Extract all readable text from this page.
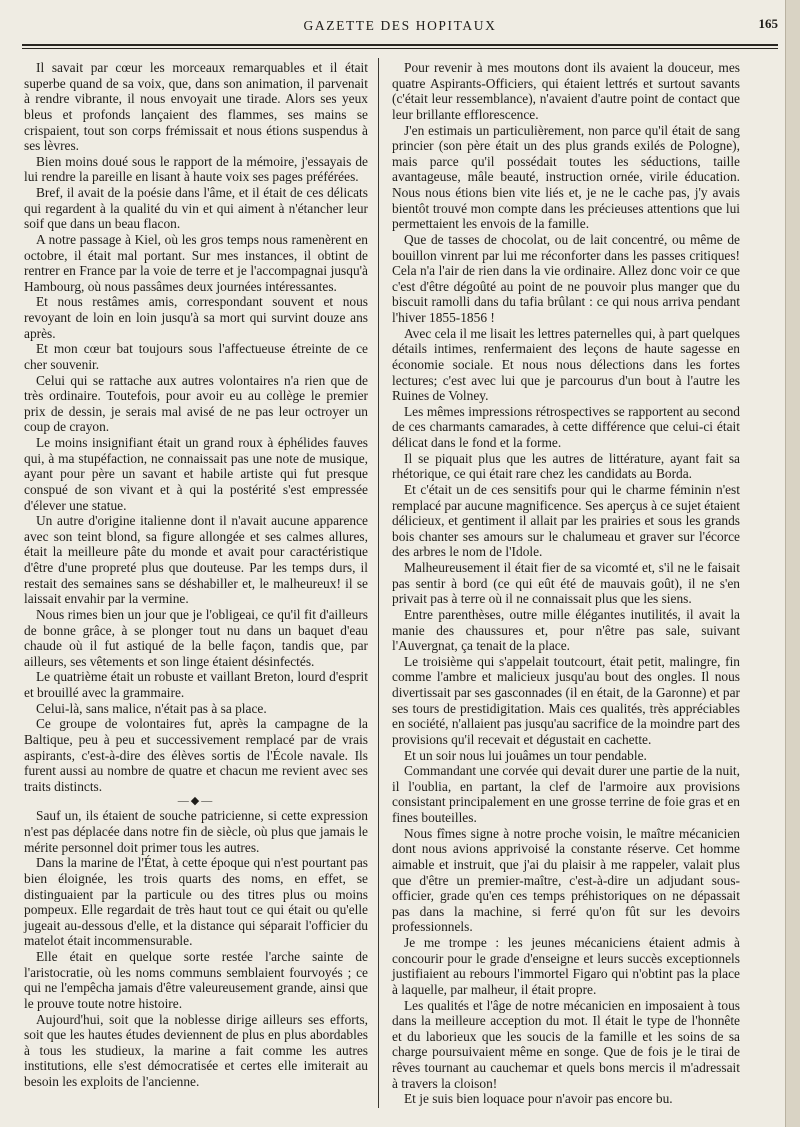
GAZETTE DES HOPITAUX	165

Il savait par cœur les morceaux remarquables et il était superbe quand de sa voix, que, dans son animation, il parvenait à rendre vibrante, il nous envoyait une tirade. Alors ses yeux bleus et profonds lançaient des flammes, ses mains se crispaient, tout son corps frémissait et nous étions suspendus à ses lèvres.

Bien moins doué sous le rapport de la mémoire, j'essayais de lui rendre la pareille en lisant à haute voix ses pages préférées.

Bref, il avait de la poésie dans l'âme, et il était de ces délicats qui regardent à la qualité du vin et qui aiment à n'étancher leur soif que dans un beau flacon.

A notre passage à Kiel, où les gros temps nous ramenèrent en octobre, il était mal portant. Sur mes instances, il obtint de rentrer en France par la voie de terre et je l'accompagnai jusqu'à Hambourg, où nous passâmes deux journées intéressantes.

Et nous restâmes amis, correspondant souvent et nous revoyant de loin en loin jusqu'à sa mort qui survint douze ans après.

Et mon cœur bat toujours sous l'affectueuse étreinte de ce cher souvenir.

Celui qui se rattache aux autres volontaires n'a rien que de très ordinaire. Toutefois, pour avoir eu au collège le premier prix de dessin, je serais mal avisé de ne pas leur octroyer un coup de crayon.

Le moins insignifiant était un grand roux à éphélides fauves qui, à ma stupéfaction, ne connaissait pas une note de musique, ayant pour père un savant et habile artiste qui fut presque conspué de son vivant et à qui la postérité s'est empressée d'élever une statue.

Un autre d'origine italienne dont il n'avait aucune apparence avec son teint blond, sa figure allongée et ses calmes allures, était la meilleure pâte du monde et avait pour caractéristique d'être d'une propreté plus que douteuse. Par les temps durs, il restait des semaines sans se déshabiller et, le malheureux! il se laissait envahir par la vermine.

Nous rimes bien un jour que je l'obligeai, ce qu'il fit d'ailleurs de bonne grâce, à se plonger tout nu dans un baquet d'eau chaude où il fut astiqué de la belle façon, tandis que, par ailleurs, ses vêtements et son linge étaient désinfectés.

Le quatrième était un robuste et vaillant Breton, lourd d'esprit et brouillé avec la grammaire.

Celui-là, sans malice, n'était pas à sa place.

Ce groupe de volontaires fut, après la campagne de la Baltique, peu à peu et successivement remplacé par de vrais aspirants, c'est-à-dire des élèves sortis de l'École navale. Ils furent aussi au nombre de quatre et chacun me revient avec ses traits distincts.

—◆—

Sauf un, ils étaient de souche patricienne, si cette expression n'est pas déplacée dans notre fin de siècle, où plus que jamais le mérite personnel doit primer tous les autres.

Dans la marine de l'État, à cette époque qui n'est pourtant pas bien éloignée, les trois quarts des noms, en effet, se distinguaient par la particule ou des titres plus ou moins pompeux. Elle regardait de très haut tout ce qui était ou qu'elle jugeait au-dessous d'elle, et la distance qui séparait l'officier du matelot était incommensurable.

Elle était en quelque sorte restée l'arche sainte de l'aristocratie, où les noms communs semblaient fourvoyés ; ce qui ne l'empêcha jamais d'être valeureusement grande, ainsi que le prouve toute notre histoire.

Aujourd'hui, soit que la noblesse dirige ailleurs ses efforts, soit que les hautes études deviennent de plus en plus abordables à tous les studieux, la marine a fait comme les autres institutions, elle s'est démocratisée et certes elle imiterait au besoin les exploits de l'ancienne.

Pour revenir à mes moutons dont ils avaient la douceur, mes quatre Aspirants-Officiers, qui étaient lettrés et surtout savants (c'était leur ressemblance), n'avaient d'autre point de contact que leur brillante efflorescence.

J'en estimais un particulièrement, non parce qu'il était de sang princier (son père était un des plus grands exilés de Pologne), mais parce qu'il possédait toutes les séductions, taille avantageuse, mâle beauté, instruction ornée, virile éducation. Nous nous étions bien vite liés et, je ne le cache pas, j'y avais bientôt trouvé mon compte dans les précieuses attentions que lui permettaient les envois de la famille.

Que de tasses de chocolat, ou de lait concentré, ou même de bouillon vinrent par lui me réconforter dans les passes critiques! Cela n'a l'air de rien dans la vie ordinaire. Allez donc voir ce que c'est d'être dégoûté au point de ne pouvoir plus manger que du biscuit ramolli dans du tafia brûlant : ce qui nous arriva pendant l'hiver 1855-1856 !

Avec cela il me lisait les lettres paternelles qui, à part quelques détails intimes, renfermaient des leçons de haute sagesse en économie sociale. Et nous nous délections dans les fortes lectures; c'est avec lui que je parcourus d'un bout à l'autre les Ruines de Volney.

Les mêmes impressions rétrospectives se rapportent au second de ces charmants camarades, à cette différence que celui-ci était délicat dans le fond et la forme.

Il se piquait plus que les autres de littérature, ayant fait sa rhétorique, ce qui était rare chez les candidats au Borda.

Et c'était un de ces sensitifs pour qui le charme féminin n'est remplacé par aucune magnificence. Ses aperçus à ce sujet étaient délicieux, et gentiment il allait par les prairies et sous les grands bois chanter ses amours sur le chalumeau et graver sur l'écorce des arbres le nom de l'Idole.

Malheureusement il était fier de sa vicomté et, s'il ne le faisait pas sentir à bord (ce qui eût été de mauvais goût), il ne s'en privait pas à terre où il ne connaissait plus que les siens.

Entre parenthèses, outre mille élégantes inutilités, il avait la manie des chaussures et, pour n'être pas sale, suivant l'Auvergnat, ça tenait de la place.

Le troisième qui s'appelait toutcourt, était petit, malingre, fin comme l'ambre et malicieux jusqu'au bout des ongles. Il nous divertissait par ses gasconnades (il en était, de la Garonne) et par ses tours de prestidigitation. Mais ces qualités, très appréciables en société, n'allaient pas jusqu'au sacrifice de la moindre part des provisions qu'il recevait et dégustait en cachette.

Et un soir nous lui jouâmes un tour pendable.

Commandant une corvée qui devait durer une partie de la nuit, il l'oublia, en partant, la clef de l'armoire aux provisions consistant principalement en une grosse terrine de foie gras et en fines bouteilles.

Nous fîmes signe à notre proche voisin, le maître mécanicien dont nous avions apprivoisé la constante réserve. Cet homme aimable et instruit, que j'ai du plaisir à me rappeler, valait plus que d'être un premier-maître, c'est-à-dire un adjudant sous-officier, grade qu'en ces temps préhistoriques on ne dépassait pas dans la machine, si ferré qu'on fût sur les devoirs professionnels.

Je me trompe : les jeunes mécaniciens étaient admis à concourir pour le grade d'enseigne et leurs succès exceptionnels justifiaient au rebours l'immortel Figaro qui n'obtint pas la place à laquelle, par malheur, il était propre.

Les qualités et l'âge de notre mécanicien en imposaient à tous dans la meilleure acception du mot. Il était le type de l'honnête et du laborieux que les soucis de la famille et les soins de sa charge poursuivaient même en songe. Que de fois je le tirai de rêves tournant au cauchemar et quels bons mercis il m'adressait à travers la cloison!

Et je suis bien loquace pour n'avoir pas encore bu.
